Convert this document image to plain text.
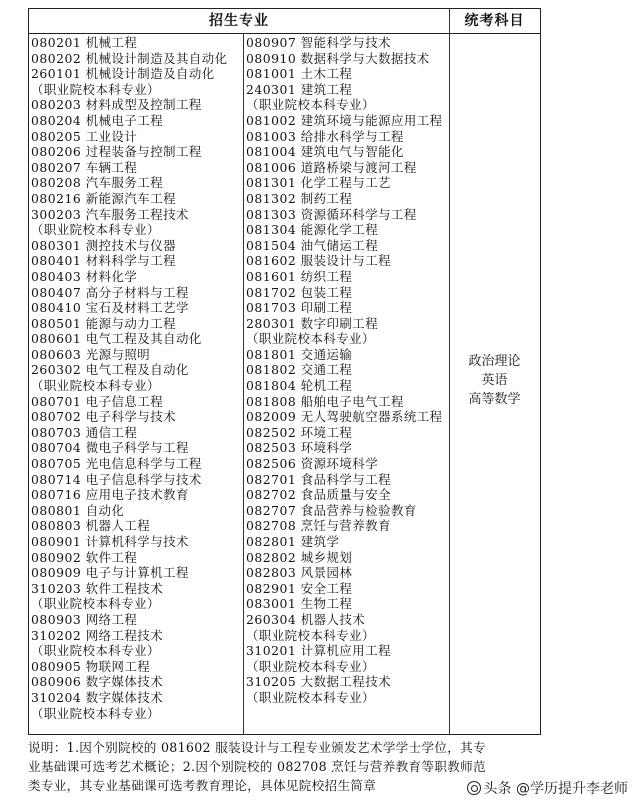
招生专业	统考科目
080201 机械工程
080202 机械设计制造及其自动化
260101 机械设计制造及自动化
（职业院校本科专业）
080203 材料成型及控制工程
080204 机械电子工程
080205 工业设计
080206 过程装备与控制工程
080207 车辆工程
080208 汽车服务工程
080216 新能源汽车工程
300203 汽车服务工程技术
（职业院校本科专业）
080301 测控技术与仪器
080401 材料科学与工程
080403 材料化学
080407 高分子材料与工程
080410 宝石及材料工艺学
080501 能源与动力工程
080601 电气工程及其自动化
080603 光源与照明
260302 电气工程及自动化
（职业院校本科专业）
080701 电子信息工程
080702 电子科学与技术
080703 通信工程
080704 微电子科学与工程
080705 光电信息科学与工程
080714 电子信息科学与技术
080716 应用电子技术教育
080801 自动化
080803 机器人工程
080901 计算机科学与技术
080902 软件工程
080909 电子与计算机工程
310203 软件工程技术
（职业院校本科专业）
080903 网络工程
310202 网络工程技术
（职业院校本科专业）
080905 物联网工程
080906 数字媒体技术
310204 数字媒体技术
（职业院校本科专业）
080907 智能科学与技术
080910 数据科学与大数据技术
081001 土木工程
240301 建筑工程
（职业院校本科专业）
081002 建筑环境与能源应用工程
081003 给排水科学与工程
081004 建筑电气与智能化
081006 道路桥梁与渡河工程
081301 化学工程与工艺
081302 制药工程
081303 资源循环科学与工程
081304 能源化学工程
081504 油气储运工程
081602 服装设计与工程
081601 纺织工程
081702 包装工程
081703 印刷工程
280301 数字印刷工程
（职业院校本科专业）
081801 交通运输
081802 交通工程
081804 轮机工程
081808 船舶电子电气工程
082009 无人驾驶航空器系统工程
082502 环境工程
082503 环境科学
082506 资源环境科学
082701 食品科学与工程
082702 食品质量与安全
082707 食品营养与检验教育
082708 烹饪与营养教育
082801 建筑学
082802 城乡规划
082803 风景园林
082901 安全工程
083001 生物工程
260304 机器人技术
（职业院校本科专业）
310201 计算机应用工程
（职业院校本科专业）
310205 大数据工程技术
（职业院校本科专业）
政治理论
英语
高等数学
说明：1.因个别院校的 081602 服装设计与工程专业颁发艺术学学士学位，其专
业基础课可选考艺术概论；2.因个别院校的 082708 烹饪与营养教育等职教师范
类专业，其专业基础课可选考教育理论，具体见院校招生简章	头条 @学历提升李老师
